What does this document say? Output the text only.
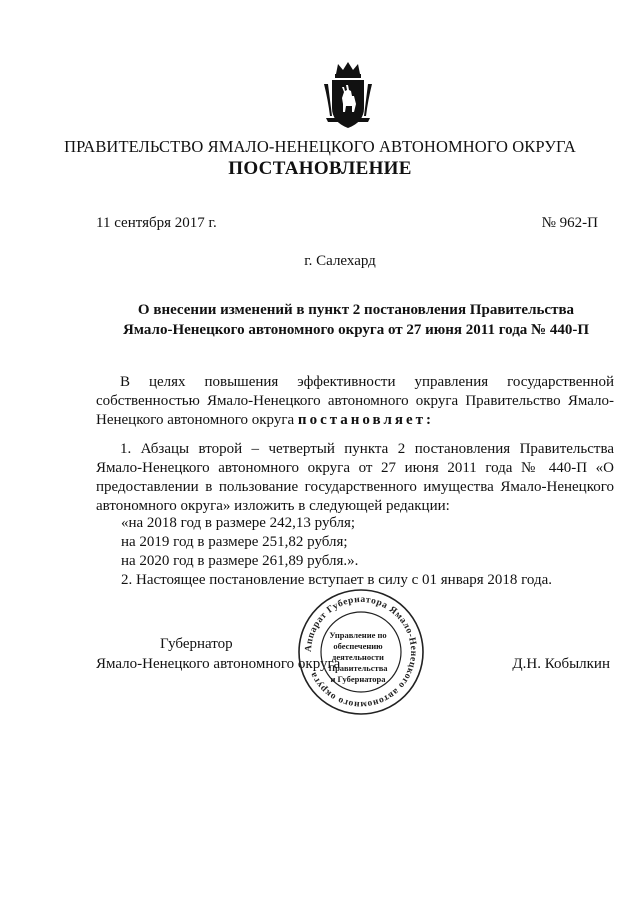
ПРАВИТЕЛЬСТВО ЯМАЛО-НЕНЕЦКОГО АВТОНОМНОГО ОКРУГА
ПОСТАНОВЛЕНИЕ
11 сентября 2017 г.	№ 962-П
г. Салехард
О внесении изменений в пункт 2 постановления Правительства
Ямало-Ненецкого автономного округа от 27 июня 2011 года № 440-П
В целях повышения эффективности управления государственной собственностью Ямало-Ненецкого автономного округа Правительство Ямало-Ненецкого автономного округа постановляет:
1. Абзацы второй – четвертый пункта 2 постановления Правительства Ямало-Ненецкого автономного округа от 27 июня 2011 года № 440-П «О предоставлении в пользование государственного имущества Ямало-Ненецкого автономного округа» изложить в следующей редакции:
«на 2018 год в размере 242,13 рубля;
на 2019 год в размере 251,82 рубля;
на 2020 год в размере 261,89 рубля.».
2. Настоящее постановление вступает в силу с 01 января 2018 года.
Губернатор
Ямало-Ненецкого автономного округа	Д.Н. Кобылкин
Аппарат Губернатора Ямало-Ненецкого автономного округа
Управление по
обеспечению
деятельности
Правительства
и Губернатора
